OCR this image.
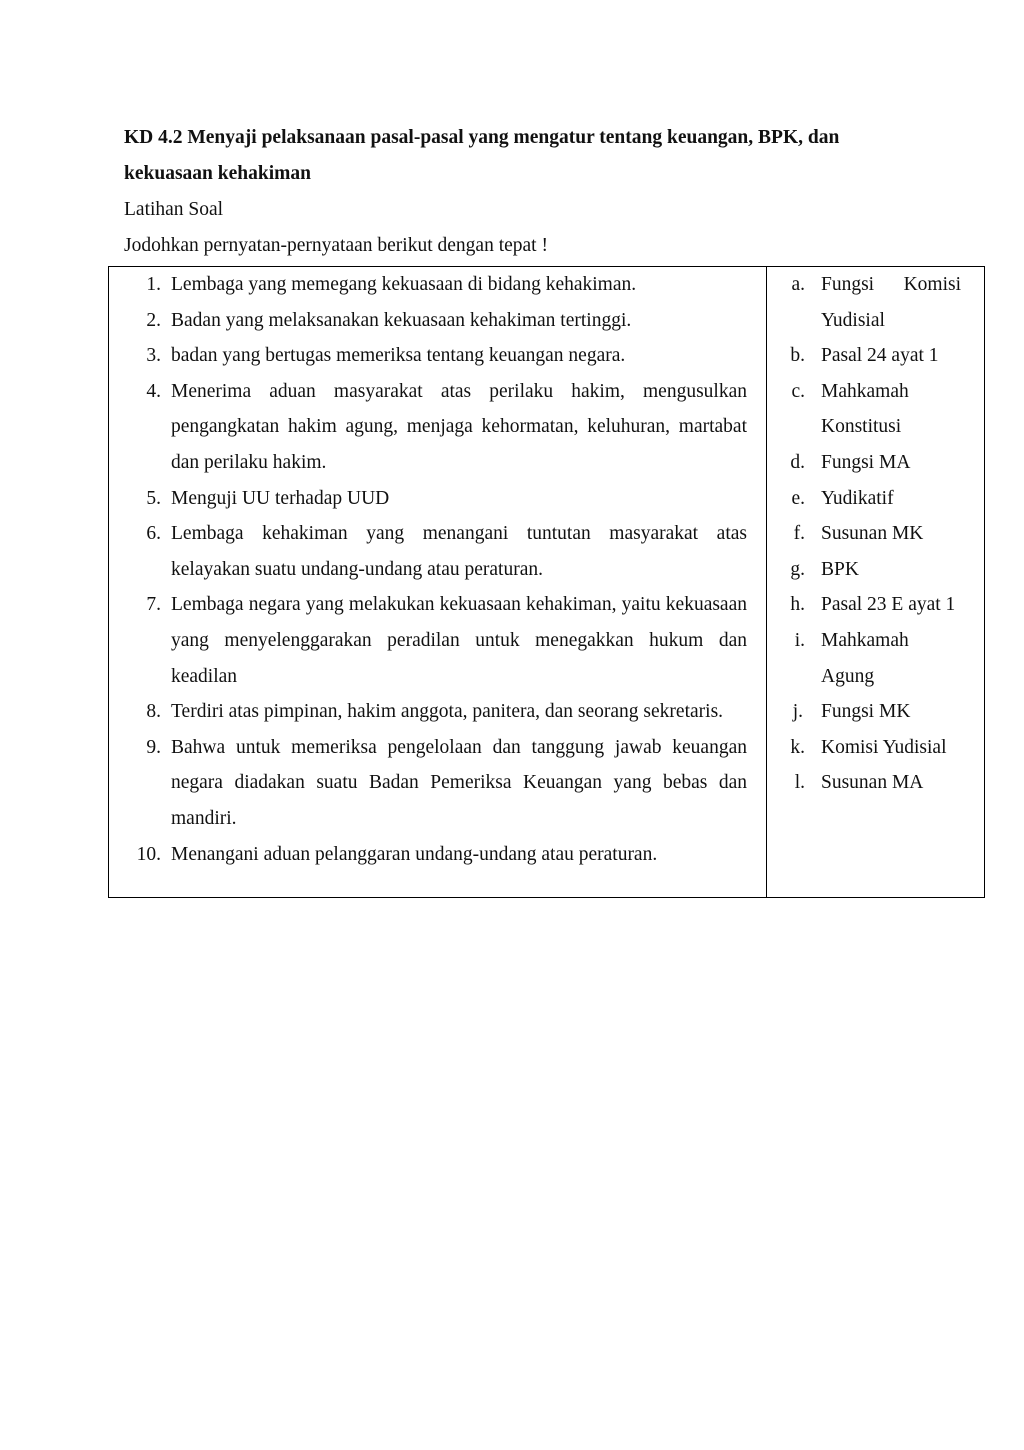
KD 4.2 Menyaji pelaksanaan pasal-pasal yang mengatur tentang keuangan, BPK, dan kekuasaan kehakiman
Latihan Soal
Jodohkan pernyatan-pernyataan berikut dengan tepat !
1. Lembaga yang memegang kekuasaan di bidang kehakiman.
2. Badan yang melaksanakan kekuasaan kehakiman tertinggi.
3. badan yang bertugas memeriksa tentang keuangan negara.
4. Menerima aduan masyarakat atas perilaku hakim, mengusulkan pengangkatan hakim agung, menjaga kehormatan, keluhuran, martabat dan perilaku hakim.
5. Menguji UU terhadap UUD
6. Lembaga kehakiman yang menangani tuntutan masyarakat atas kelayakan suatu undang-undang atau peraturan.
7. Lembaga negara yang melakukan kekuasaan kehakiman, yaitu kekuasaan yang menyelenggarakan peradilan untuk menegakkan hukum dan keadilan
8. Terdiri atas pimpinan, hakim anggota, panitera, dan seorang sekretaris.
9. Bahwa untuk memeriksa pengelolaan dan tanggung jawab keuangan negara diadakan suatu Badan Pemeriksa Keuangan yang bebas dan mandiri.
10. Menangani aduan pelanggaran undang-undang atau peraturan.
a. Fungsi Komisi Yudisial
b. Pasal 24 ayat 1
c. Mahkamah Konstitusi
d. Fungsi MA
e. Yudikatif
f. Susunan MK
g. BPK
h. Pasal 23 E ayat 1
i. Mahkamah Agung
j. Fungsi MK
k. Komisi Yudisial
l. Susunan MA
